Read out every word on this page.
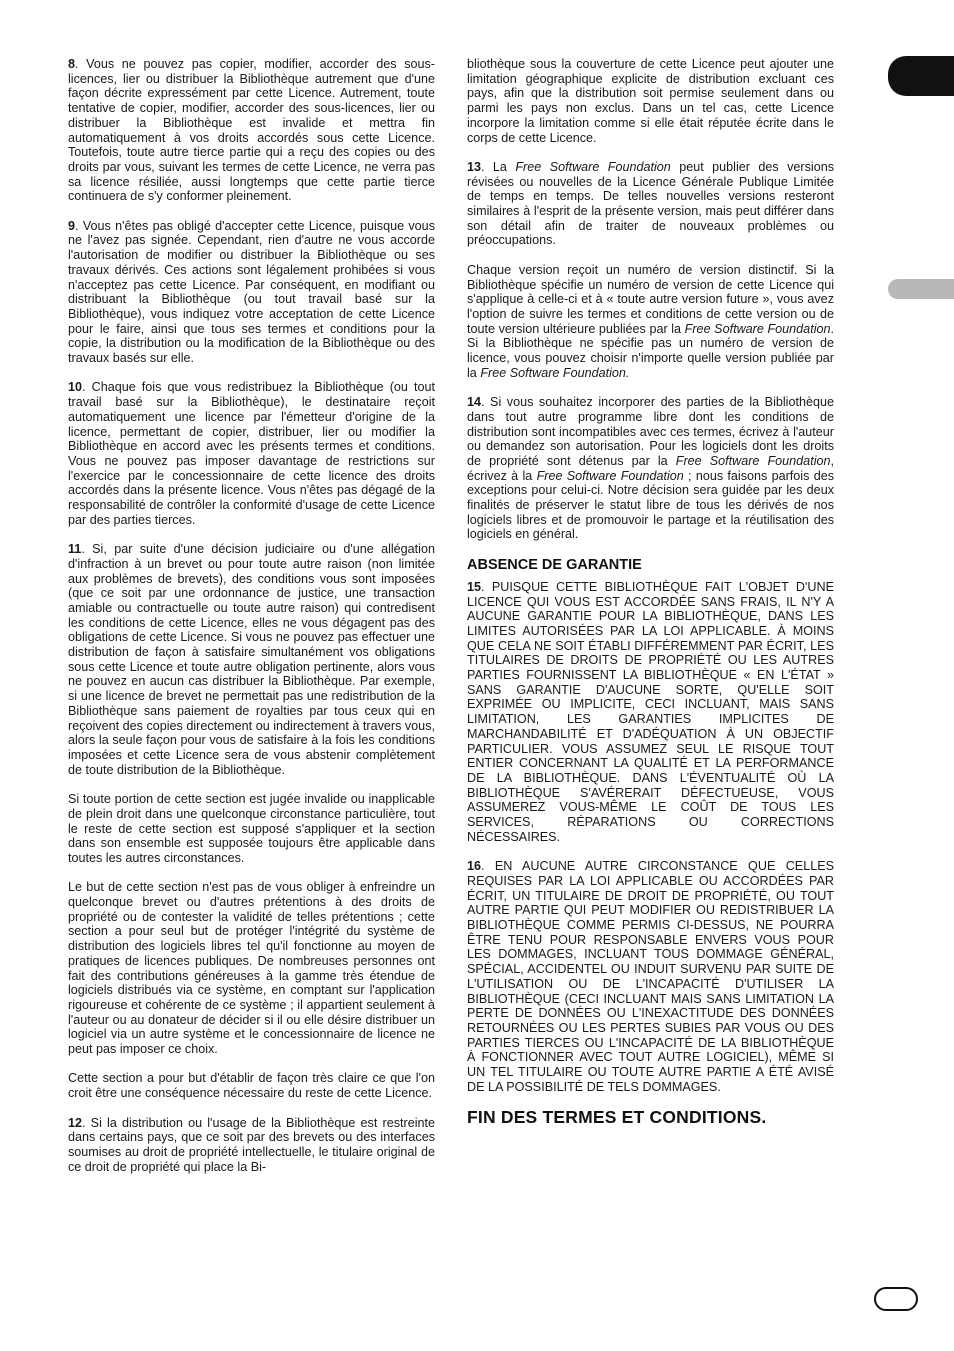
8. Vous ne pouvez pas copier, modifier, accorder des sous-licences, lier ou distribuer la Bibliothèque autrement que d'une façon décrite expressément par cette Licence. Autrement, toute tentative de copier, modifier, accorder des sous-licences, lier ou distribuer la Bibliothèque est invalide et mettra fin automatiquement à vos droits accordés sous cette Licence. Toutefois, toute autre tierce partie qui a reçu des copies ou des droits par vous, suivant les termes de cette Licence, ne verra pas sa licence résiliée, aussi longtemps que cette partie tierce continuera de s'y conformer pleinement.

9. Vous n'êtes pas obligé d'accepter cette Licence, puisque vous ne l'avez pas signée. Cependant, rien d'autre ne vous accorde l'autorisation de modifier ou distribuer la Bibliothèque ou ses travaux dérivés. Ces actions sont légalement prohibées si vous n'acceptez pas cette Licence. Par conséquent, en modifiant ou distribuant la Bibliothèque (ou tout travail basé sur la Bibliothèque), vous indiquez votre acceptation de cette Licence pour le faire, ainsi que tous ses termes et conditions pour la copie, la distribution ou la modification de la Bibliothèque ou des travaux basés sur elle.

10. Chaque fois que vous redistribuez la Bibliothèque (ou tout travail basé sur la Bibliothèque), le destinataire reçoit automatiquement une licence par l'émetteur d'origine de la licence, permettant de copier, distribuer, lier ou modifier la Bibliothèque en accord avec les présents termes et conditions. Vous ne pouvez pas imposer davantage de restrictions sur l'exercice par le concessionnaire de cette licence des droits accordés dans la présente licence. Vous n'êtes pas dégagé de la responsabilité de contrôler la conformité d'usage de cette Licence par des parties tierces.

11. Si, par suite d'une décision judiciaire ou d'une allégation d'infraction à un brevet ou pour toute autre raison (non limitée aux problèmes de brevets), des conditions vous sont imposées (que ce soit par une ordonnance de justice, une transaction amiable ou contractuelle ou toute autre raison) qui contredisent les conditions de cette Licence, elles ne vous dégagent pas des obligations de cette Licence. Si vous ne pouvez pas effectuer une distribution de façon à satisfaire simultanément vos obligations sous cette Licence et toute autre obligation pertinente, alors vous ne pouvez en aucun cas distribuer la Bibliothèque. Par exemple, si une licence de brevet ne permettait pas une redistribution de la Bibliothèque sans paiement de royalties par tous ceux qui en reçoivent des copies directement ou indirectement à travers vous, alors la seule façon pour vous de satisfaire à la fois les conditions imposées et cette Licence sera de vous abstenir complètement de toute distribution de la Bibliothèque.

Si toute portion de cette section est jugée invalide ou inapplicable de plein droit dans une quelconque circonstance particulière, tout le reste de cette section est supposé s'appliquer et la section dans son ensemble est supposée toujours être applicable dans toutes les autres circonstances.

Le but de cette section n'est pas de vous obliger à enfreindre un quelconque brevet ou d'autres prétentions à des droits de propriété ou de contester la validité de telles prétentions ; cette section a pour seul but de protéger l'intégrité du système de distribution des logiciels libres tel qu'il fonctionne au moyen de pratiques de licences publiques. De nombreuses personnes ont fait des contributions généreuses à la gamme très étendue de logiciels distribués via ce système, en comptant sur l'application rigoureuse et cohérente de ce système ; il appartient seulement à l'auteur ou au donateur de décider si il ou elle désire distribuer un logiciel via un autre système et le concessionnaire de licence ne peut pas imposer ce choix.

Cette section a pour but d'établir de façon très claire ce que l'on croit être une conséquence nécessaire du reste de cette Licence.

12. Si la distribution ou l'usage de la Bibliothèque est restreinte dans certains pays, que ce soit par des brevets ou des interfaces soumises au droit de propriété intellectuelle, le titulaire original de ce droit de propriété qui place la Bi-

bliothèque sous la couverture de cette Licence peut ajouter une limitation géographique explicite de distribution excluant ces pays, afin que la distribution soit permise seulement dans ou parmi les pays non exclus. Dans un tel cas, cette Licence incorpore la limitation comme si elle était réputée écrite dans le corps de cette Licence.

13. La Free Software Foundation peut publier des versions révisées ou nouvelles de la Licence Générale Publique Limitée de temps en temps. De telles nouvelles versions resteront similaires à l'esprit de la présente version, mais peut différer dans son détail afin de traiter de nouveaux problèmes ou préoccupations.

Chaque version reçoit un numéro de version distinctif. Si la Bibliothèque spécifie un numéro de version de cette Licence qui s'applique à celle-ci et à « toute autre version future », vous avez l'option de suivre les termes et conditions de cette version ou de toute version ultérieure publiées par la Free Software Foundation. Si la Bibliothèque ne spécifie pas un numéro de version de licence, vous pouvez choisir n'importe quelle version publiée par la Free Software Foundation.

14. Si vous souhaitez incorporer des parties de la Bibliothèque dans tout autre programme libre dont les conditions de distribution sont incompatibles avec ces termes, écrivez à l'auteur ou demandez son autorisation. Pour les logiciels dont les droits de propriété sont détenus par la Free Software Foundation, écrivez à la Free Software Foundation ; nous faisons parfois des exceptions pour celui-ci. Notre décision sera guidée par les deux finalités de préserver le statut libre de tous les dérivés de nos logiciels libres et de promouvoir le partage et la réutilisation des logiciels en général.

ABSENCE DE GARANTIE

15. PUISQUE CETTE BIBLIOTHÈQUE FAIT L'OBJET D'UNE LICENCE QUI VOUS EST ACCORDÉE SANS FRAIS, IL N'Y A AUCUNE GARANTIE POUR LA BIBLIOTHÈQUE, DANS LES LIMITES AUTORISÉES PAR LA LOI APPLICABLE. À MOINS QUE CELA NE SOIT ÉTABLI DIFFÉREMMENT PAR ÉCRIT, LES TITULAIRES DE DROITS DE PROPRIÉTÉ OU LES AUTRES PARTIES FOURNISSENT LA BIBLIOTHÈQUE « EN L'ÉTAT » SANS GARANTIE D'AUCUNE SORTE, QU'ELLE SOIT EXPRIMÉE OU IMPLICITE, CECI INCLUANT, MAIS SANS LIMITATION, LES GARANTIES IMPLICITES DE MARCHANDABILITÉ ET D'ADÉQUATION À UN OBJECTIF PARTICULIER. VOUS ASSUMEZ SEUL LE RISQUE TOUT ENTIER CONCERNANT LA QUALITÉ ET LA PERFORMANCE DE LA BIBLIOTHÈQUE. DANS L'ÉVENTUALITÉ OÙ LA BIBLIOTHÈQUE S'AVÉRERAIT DÉFECTUEUSE, VOUS ASSUMEREZ VOUS-MÊME LE COÛT DE TOUS LES SERVICES, RÉPARATIONS OU CORRECTIONS NÉCESSAIRES.

16. EN AUCUNE AUTRE CIRCONSTANCE QUE CELLES REQUISES PAR LA LOI APPLICABLE OU ACCORDÉES PAR ÉCRIT, UN TITULAIRE DE DROIT DE PROPRIÉTÉ, OU TOUT AUTRE PARTIE QUI PEUT MODIFIER OU REDISTRIBUER LA BIBLIOTHÈQUE COMME PERMIS CI-DESSUS, NE POURRA ÊTRE TENU POUR RESPONSABLE ENVERS VOUS POUR LES DOMMAGES, INCLUANT TOUS DOMMAGE GÉNÉRAL, SPÉCIAL, ACCIDENTEL OU INDUIT SURVENU PAR SUITE DE L'UTILISATION OU DE L'INCAPACITÉ D'UTILISER LA BIBLIOTHÈQUE (CECI INCLUANT MAIS SANS LIMITATION LA PERTE DE DONNÉES OU L'INEXACTITUDE DES DONNÉES RETOURNÉES OU LES PERTES SUBIES PAR VOUS OU DES PARTIES TIERCES OU L'INCAPACITÉ DE LA BIBLIOTHÈQUE À FONCTIONNER AVEC TOUT AUTRE LOGICIEL), MÊME SI UN TEL TITULAIRE OU TOUTE AUTRE PARTIE A ÉTÉ AVISÉ DE LA POSSIBILITÉ DE TELS DOMMAGES.

FIN DES TERMES ET CONDITIONS.
